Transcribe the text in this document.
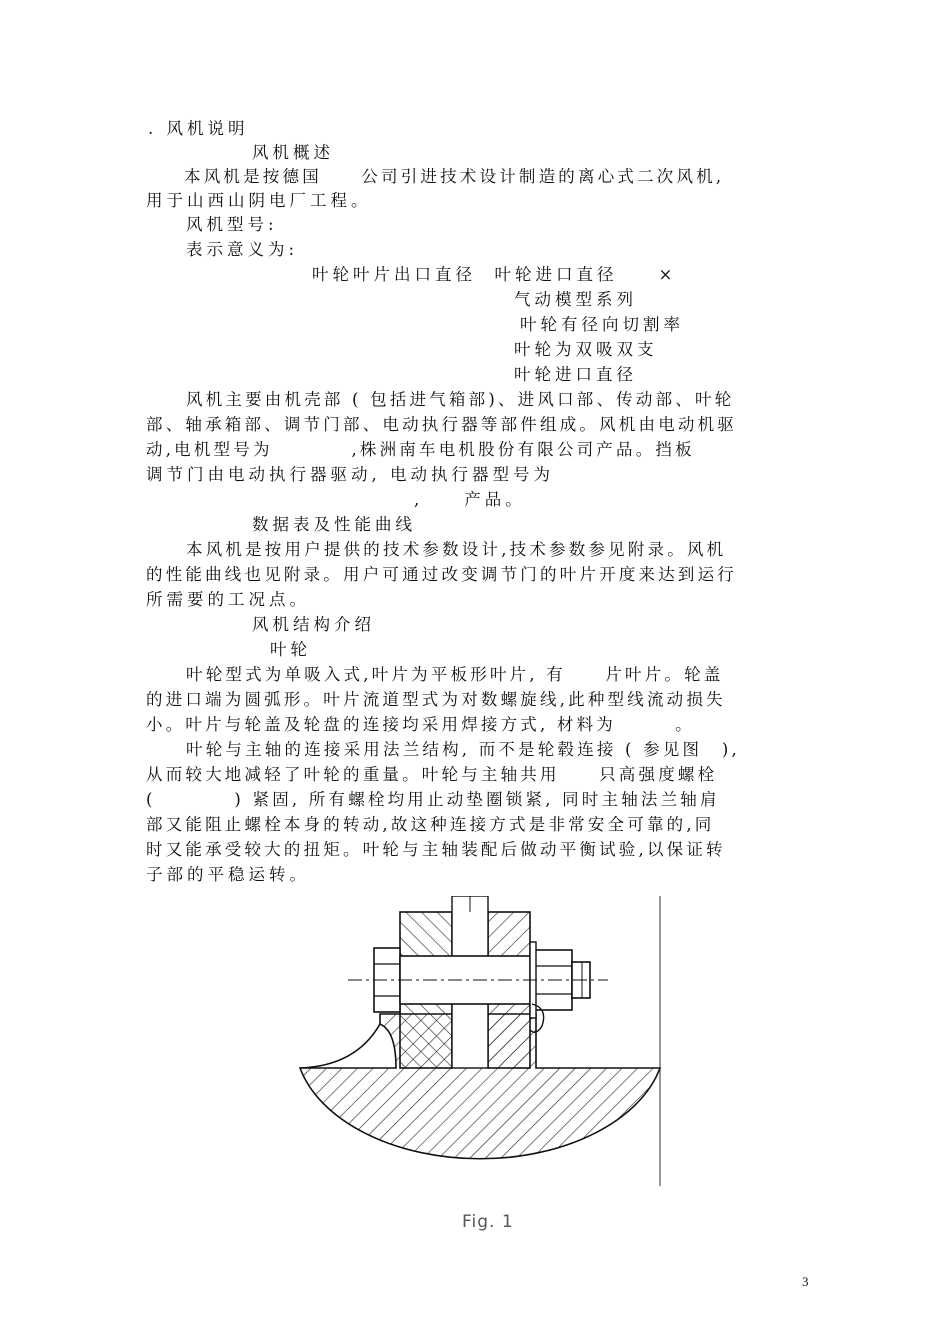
. 风机说明
风机概述
本风机是按德国　　公司引进技术设计制造的离心式二次风机,
用于山西山阴电厂工程。
风机型号:
表示意义为:
叶轮叶片出口直径  叶轮进口直径　　×
气动模型系列
叶轮有径向切割率
叶轮为双吸双支
叶轮进口直径
风机主要由机壳部 ( 包括进气箱部)、进风口部、传动部、叶轮
部、轴承箱部、调节门部、电动执行器等部件组成。风机由电动机驱
动,电机型号为　　　　,株洲南车电机股份有限公司产品。挡板
调节门由电动执行器驱动, 电动执行器型号为
,　　产品。
数据表及性能曲线
本风机是按用户提供的技术参数设计,技术参数参见附录。风机
的性能曲线也见附录。用户可通过改变调节门的叶片开度来达到运行
所需要的工况点。
风机结构介绍
叶轮
叶轮型式为单吸入式,叶片为平板形叶片, 有　　片叶片。轮盖
的进口端为圆弧形。叶片流道型式为对数螺旋线,此种型线流动损失
小。叶片与轮盖及轮盘的连接均采用焊接方式, 材料为　　　。
叶轮与主轴的连接采用法兰结构, 而不是轮毂连接 ( 参见图　),
从而较大地减轻了叶轮的重量。叶轮与主轴共用　　只高强度螺栓
(　　　　) 紧固, 所有螺栓均用止动垫圈锁紧, 同时主轴法兰轴肩
部又能阻止螺栓本身的转动,故这种连接方式是非常安全可靠的,同
时又能承受较大的扭矩。叶轮与主轴装配后做动平衡试验,以保证转
子部的平稳运转。
Fig. 1
3
